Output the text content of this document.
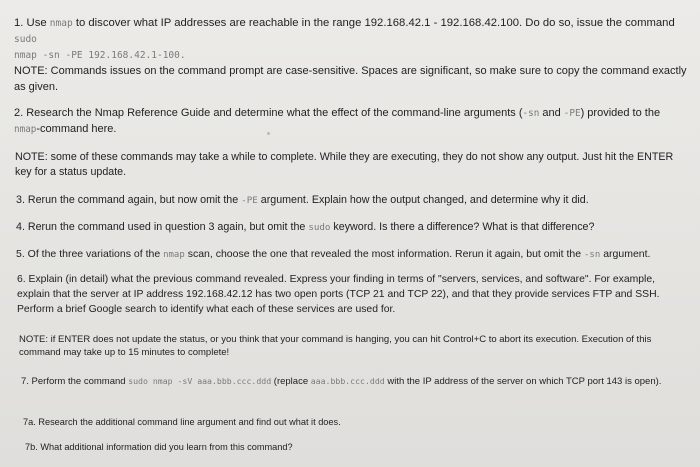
1. Use nmap to discover what IP addresses are reachable in the range 192.168.42.1 - 192.168.42.100. Do do so, issue the command sudo
nmap -sn -PE 192.168.42.1-100.
NOTE: Commands issues on the command prompt are case-sensitive. Spaces are significant, so make sure to copy the command exactly as given.
2. Research the Nmap Reference Guide and determine what the effect of the command-line arguments (-sn and -PE) provided to the
nmap-command here.
NOTE: some of these commands may take a while to complete. While they are executing, they do not show any output. Just hit the ENTER key for a status update.
3. Rerun the command again, but now omit the -PE argument. Explain how the output changed, and determine why it did.
4. Rerun the command used in question 3 again, but omit the sudo keyword. Is there a difference? What is that difference?
5. Of the three variations of the nmap scan, choose the one that revealed the most information. Rerun it again, but omit the -sn argument.
6. Explain (in detail) what the previous command revealed. Express your finding in terms of "servers, services, and software". For example, explain that the server at IP address 192.168.42.12 has two open ports (TCP 21 and TCP 22), and that they provide services FTP and SSH. Perform a brief Google search to identify what each of these services are used for.
NOTE: if ENTER does not update the status, or you think that your command is hanging, you can hit Control+C to abort its execution. Execution of this command may take up to 15 minutes to complete!
7. Perform the command sudo nmap -sV aaa.bbb.ccc.ddd (replace aaa.bbb.ccc.ddd with the IP address of the server on which TCP port 143 is open).
7a. Research the additional command line argument and find out what it does.
7b. What additional information did you learn from this command?
